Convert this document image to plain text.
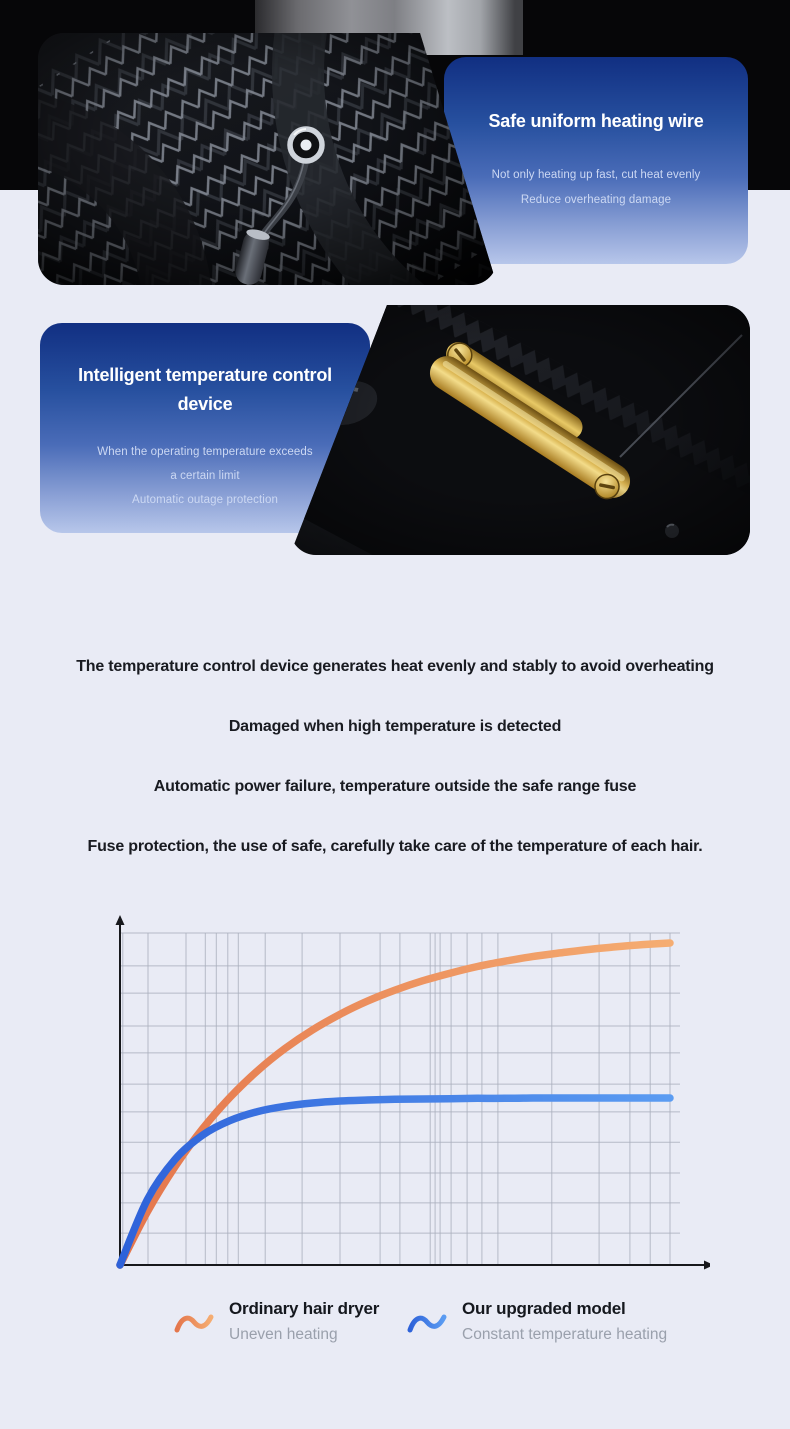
Safe uniform heating wire
Not only heating up fast, cut heat evenly
Reduce overheating damage
Intelligent temperature control device
When the operating temperature exceeds
a certain limit
Automatic outage protection

The temperature control device generates heat evenly and stably to avoid overheating

Damaged when high temperature is detected

Automatic power failure, temperature outside the safe range fuse

Fuse protection, the use of safe, carefully take care of the temperature of each hair.

Ordinary hair dryer
Uneven heating
Our upgraded model
Constant temperature heating
